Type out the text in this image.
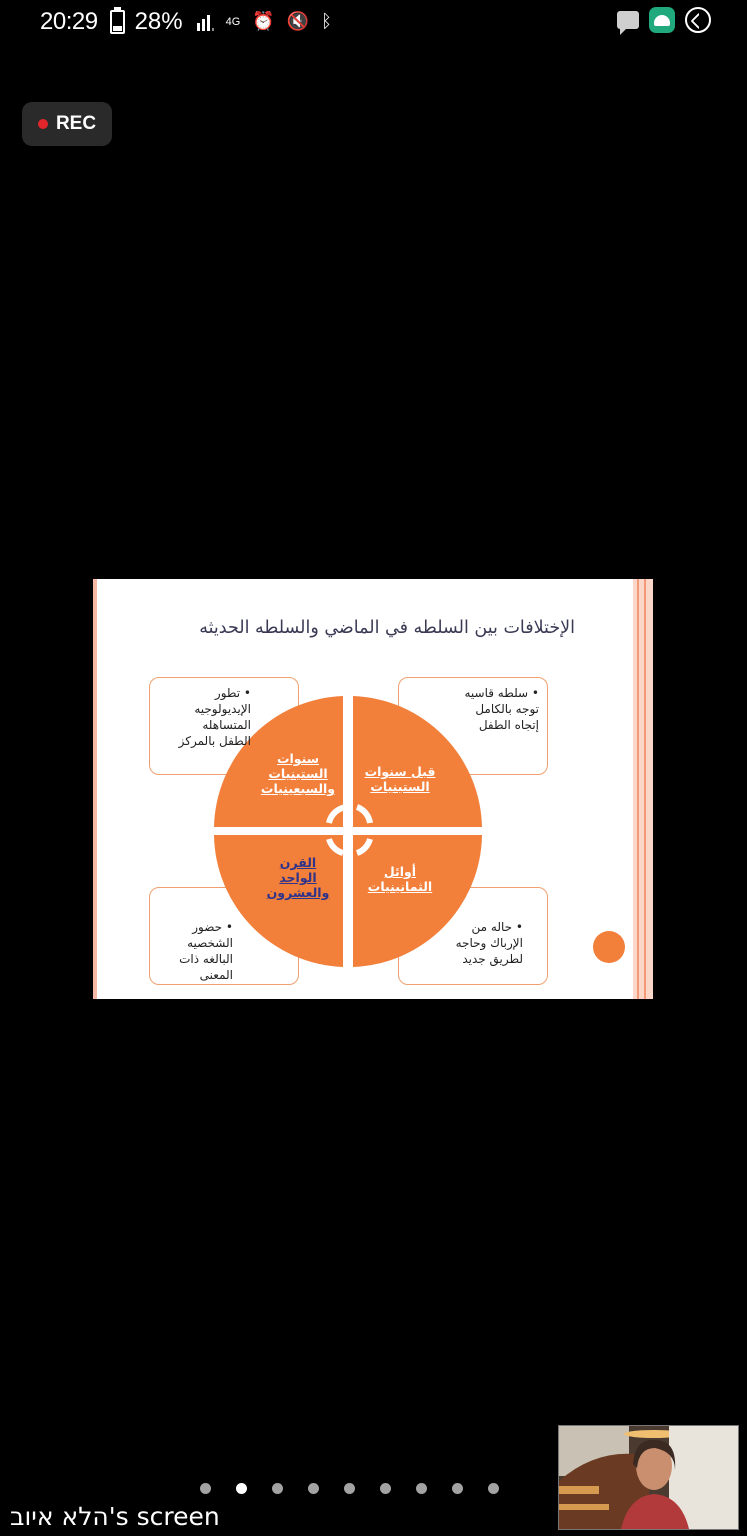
20:29 28%	4G ⏰ 🔇 ᛒ
REC
الإختلافات بين السلطه في الماضي والسلطه الحديثه
سنوات
الستينيات
والسبعينيات
قبل سنوات
الستينيات
القرن
الواحد
والعشرون
أوائل
الثمانينيات
• سلطه قاسيه
توجه بالكامل
إتجاه الطفل
• تطور
الإيديولوجيه
المتساهله
الطفل بالمركز
• حاله من
الإرباك وحاجه
لطريق جديد
• حضور
الشخصيه
البالغه ذات
المعنى
הלא איוב's screen
